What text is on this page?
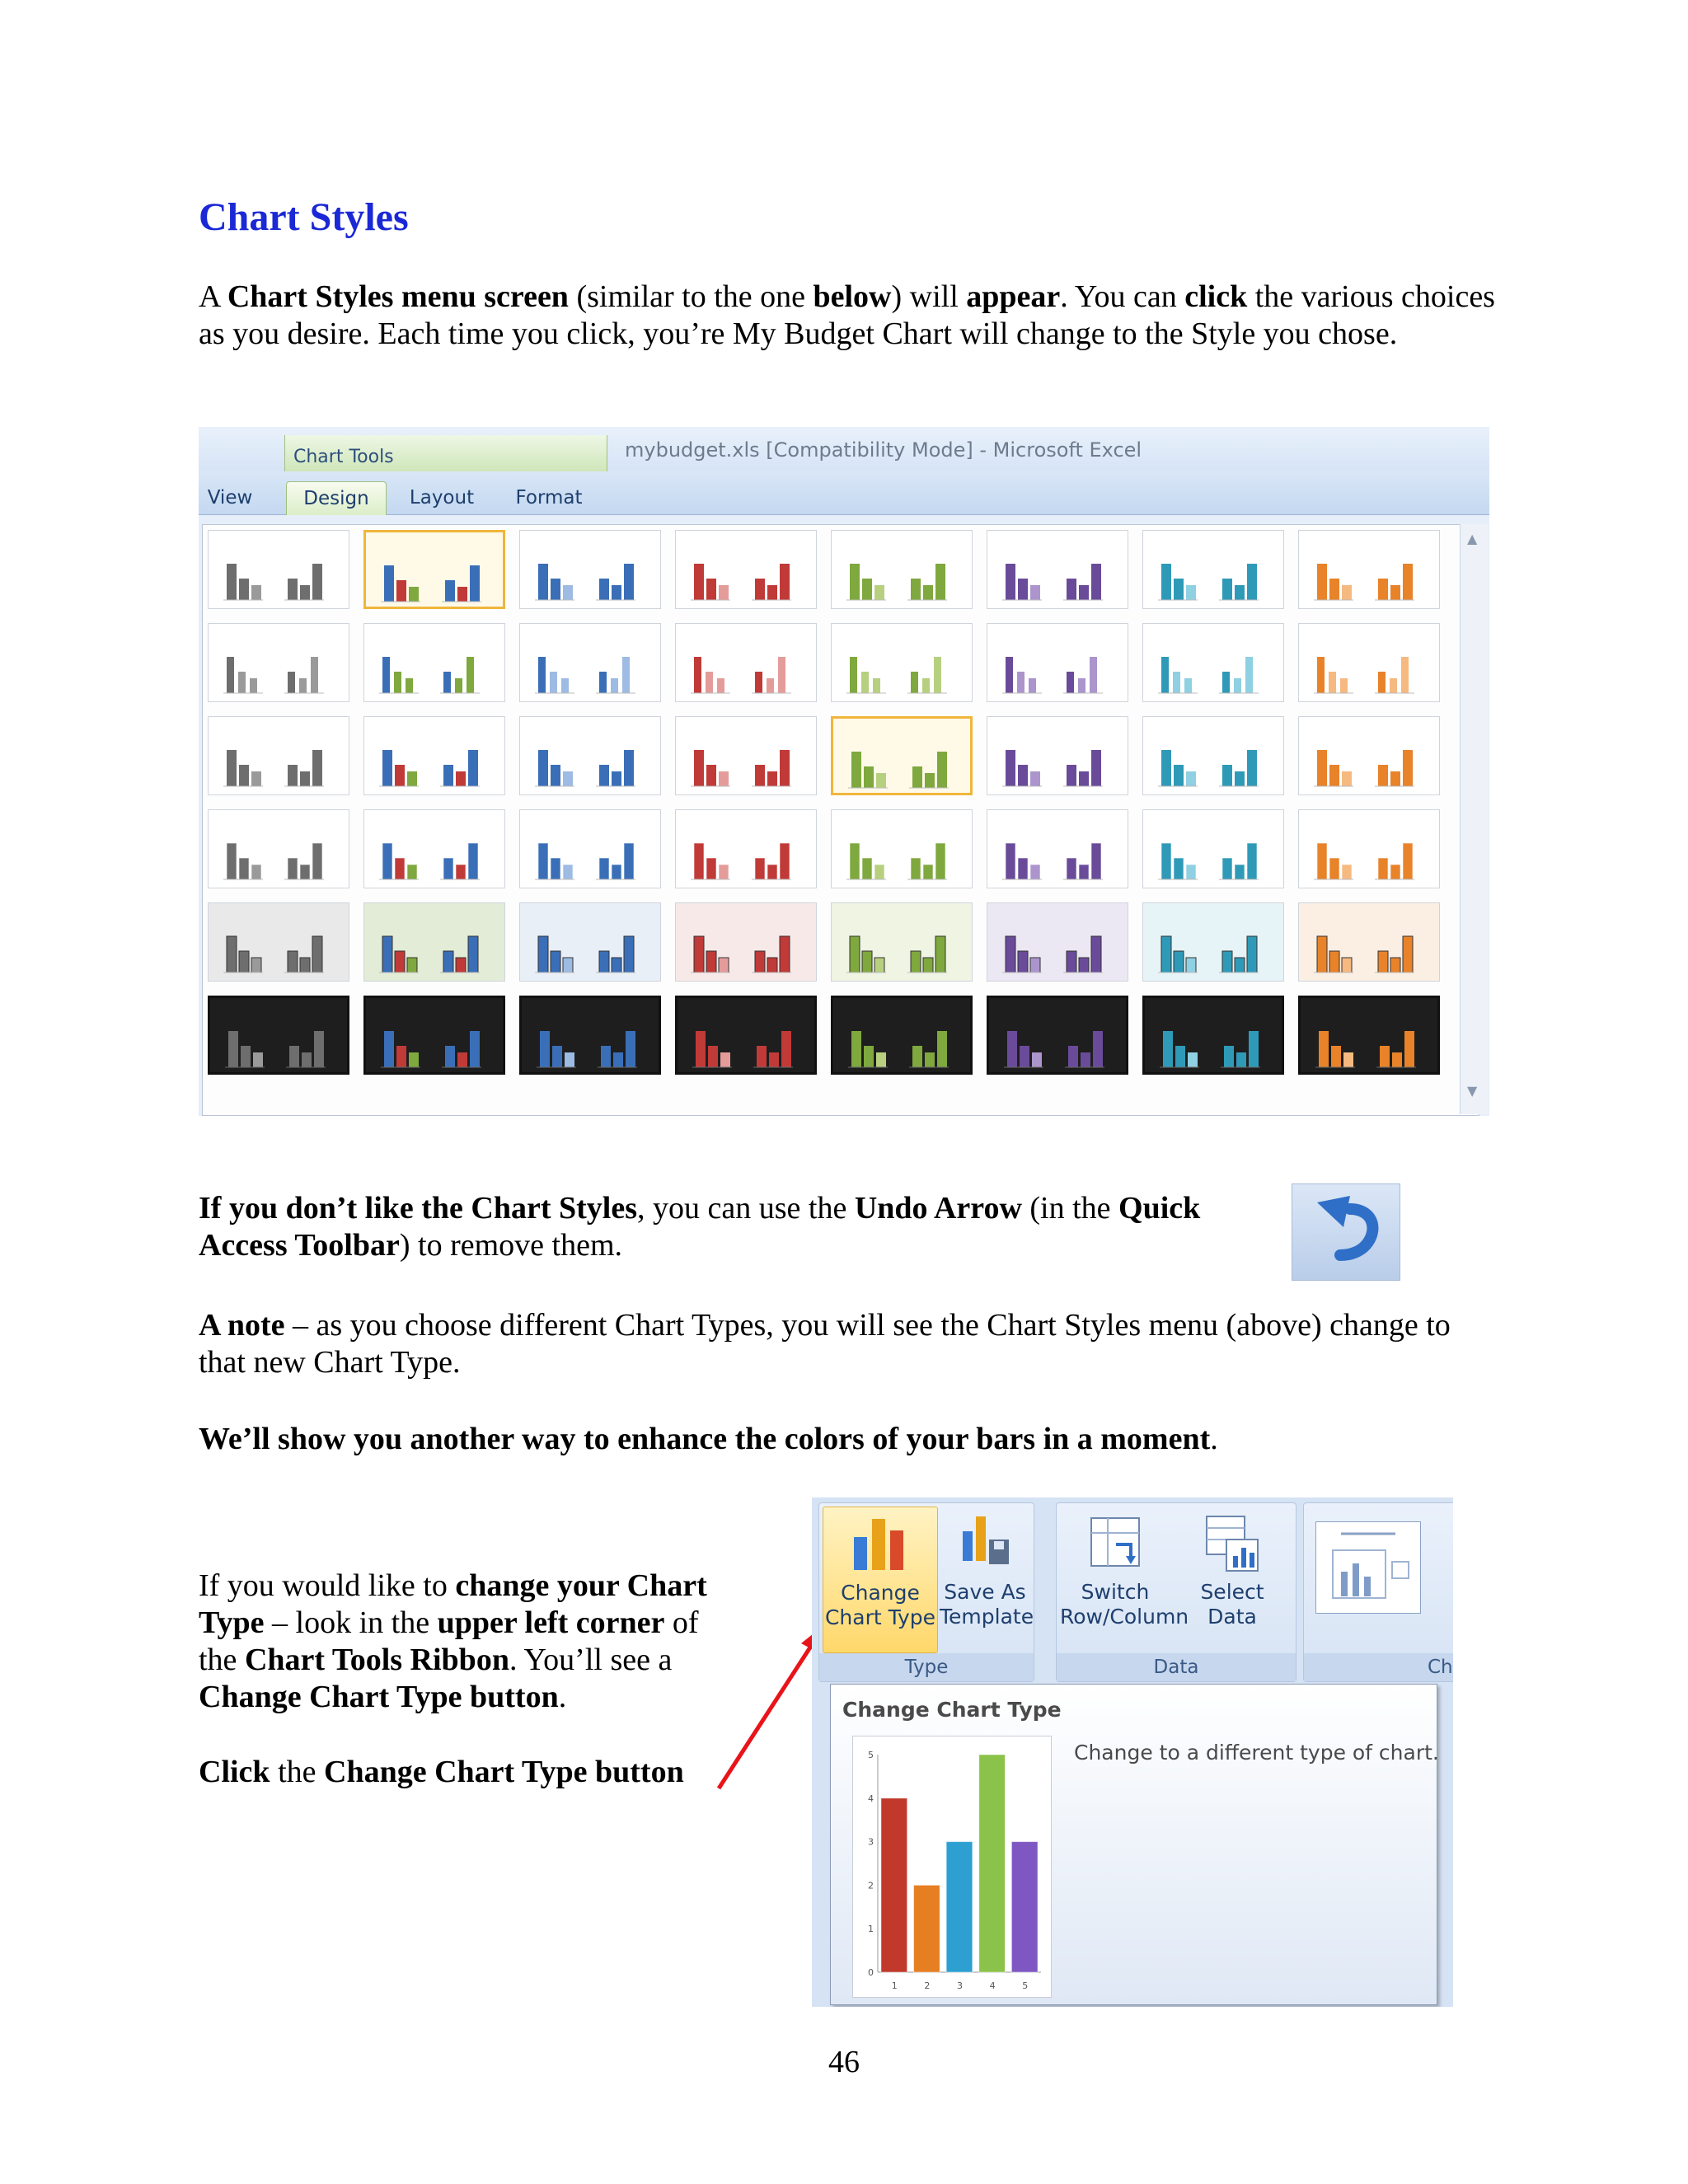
Chart Styles

A Chart Styles menu screen (similar to the one below) will appear. You can click the various choices as you desire. Each time you click, you’re My Budget Chart will change to the Style you chose.

Chart Tools	mybudget.xls [Compatibility Mode] - Microsoft Excel
View	Design	Layout Format
▲
▼

If you don’t like the Chart Styles, you can use the Undo Arrow (in the Quick Access Toolbar) to remove them.

A note – as you choose different Chart Types, you will see the Chart Styles menu (above) change to that new Chart Type.

We’ll show you another way to enhance the colors of your bars in a moment.

If you would like to change your Chart Type – look in the upper left corner of the Chart Tools Ribbon. You’ll see a Change Chart Type button.

Click the Change Chart Type button

Change
Chart Type
Save As
Template
Type
Switch
Row/Column
Select
Data
Data	Ch
Change Chart Type
Change to a different type of chart.
0
1
2
3
4
5
1	2	3	4	5
46
